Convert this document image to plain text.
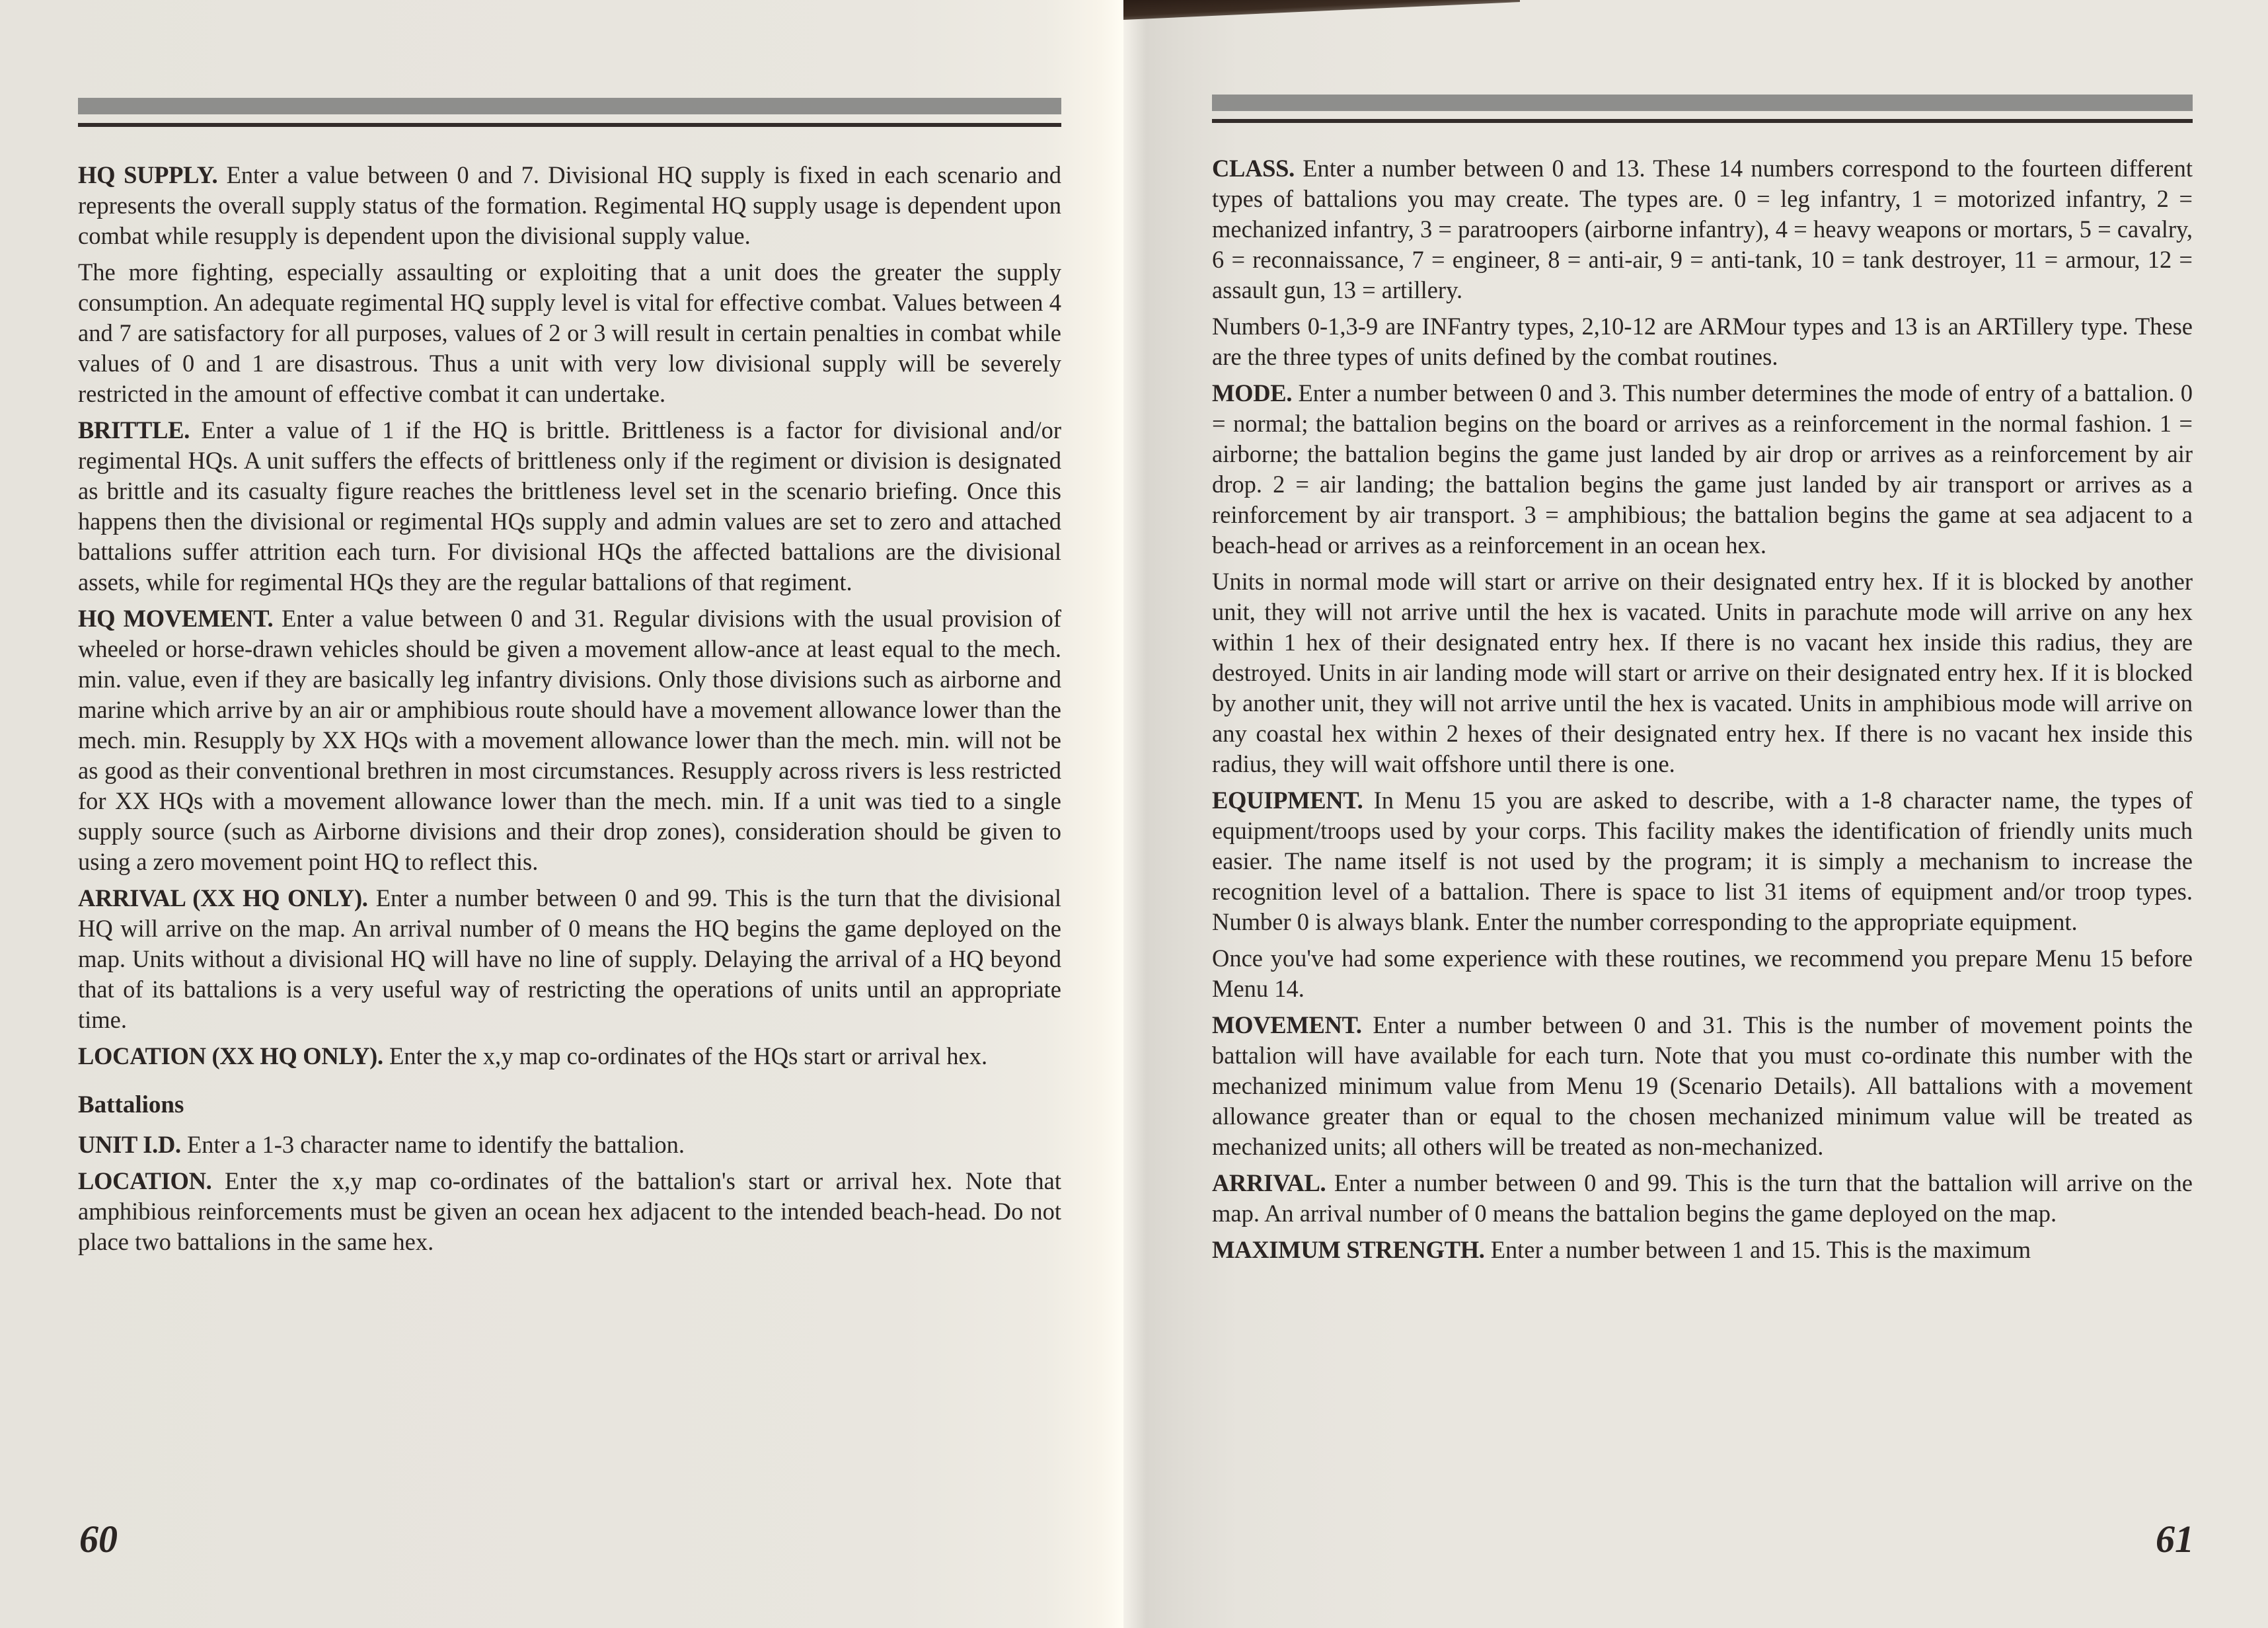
HQ SUPPLY. Enter a value between 0 and 7. Divisional HQ supply is fixed in each scenario and represents the overall supply status of the formation. Regimental HQ supply usage is dependent upon combat while resupply is dependent upon the divisional supply value.

The more fighting, especially assaulting or exploiting that a unit does the greater the supply consumption. An adequate regimental HQ supply level is vital for effective combat. Values between 4 and 7 are satisfactory for all purposes, values of 2 or 3 will result in certain penalties in combat while values of 0 and 1 are disastrous. Thus a unit with very low divisional supply will be severely restricted in the amount of effective combat it can undertake.

BRITTLE. Enter a value of 1 if the HQ is brittle. Brittleness is a factor for divisional and/or regimental HQs. A unit suffers the effects of brittleness only if the regiment or division is designated as brittle and its casualty figure reaches the brittleness level set in the scenario briefing. Once this happens then the divisional or regimental HQs supply and admin values are set to zero and attached battalions suffer attrition each turn. For divisional HQs the affected battalions are the divisional assets, while for regimental HQs they are the regular battalions of that regiment.

HQ MOVEMENT. Enter a value between 0 and 31. Regular divisions with the usual provision of wheeled or horse-drawn vehicles should be given a movement allow-ance at least equal to the mech. min. value, even if they are basically leg infantry divisions. Only those divisions such as airborne and marine which arrive by an air or amphibious route should have a movement allowance lower than the mech. min. Resupply by XX HQs with a movement allowance lower than the mech. min. will not be as good as their conventional brethren in most circumstances. Resupply across rivers is less restricted for XX HQs with a movement allowance lower than the mech. min. If a unit was tied to a single supply source (such as Airborne divisions and their drop zones), consideration should be given to using a zero movement point HQ to reflect this.

ARRIVAL (XX HQ ONLY). Enter a number between 0 and 99. This is the turn that the divisional HQ will arrive on the map. An arrival number of 0 means the HQ begins the game deployed on the map. Units without a divisional HQ will have no line of supply. Delaying the arrival of a HQ beyond that of its battalions is a very useful way of restricting the operations of units until an appropriate time.

LOCATION (XX HQ ONLY). Enter the x,y map co-ordinates of the HQs start or arrival hex.

Battalions

UNIT I.D. Enter a 1-3 character name to identify the battalion.

LOCATION. Enter the x,y map co-ordinates of the battalion's start or arrival hex. Note that amphibious reinforcements must be given an ocean hex adjacent to the intended beach-head. Do not place two battalions in the same hex.

CLASS. Enter a number between 0 and 13. These 14 numbers correspond to the fourteen different types of battalions you may create. The types are. 0 = leg infantry, 1 = motorized infantry, 2 = mechanized infantry, 3 = paratroopers (airborne infantry), 4 = heavy weapons or mortars, 5 = cavalry, 6 = reconnaissance, 7 = engineer, 8 = anti-air, 9 = anti-tank, 10 = tank destroyer, 11 = armour, 12 = assault gun, 13 = artillery.

Numbers 0-1,3-9 are INFantry types, 2,10-12 are ARMour types and 13 is an ARTillery type. These are the three types of units defined by the combat routines.

MODE. Enter a number between 0 and 3. This number determines the mode of entry of a battalion. 0 = normal; the battalion begins on the board or arrives as a reinforcement in the normal fashion. 1 = airborne; the battalion begins the game just landed by air drop or arrives as a reinforcement by air drop. 2 = air landing; the battalion begins the game just landed by air transport or arrives as a reinforcement by air transport. 3 = amphibious; the battalion begins the game at sea adjacent to a beach-head or arrives as a reinforcement in an ocean hex.

Units in normal mode will start or arrive on their designated entry hex. If it is blocked by another unit, they will not arrive until the hex is vacated. Units in parachute mode will arrive on any hex within 1 hex of their designated entry hex. If there is no vacant hex inside this radius, they are destroyed. Units in air landing mode will start or arrive on their designated entry hex. If it is blocked by another unit, they will not arrive until the hex is vacated. Units in amphibious mode will arrive on any coastal hex within 2 hexes of their designated entry hex. If there is no vacant hex inside this radius, they will wait offshore until there is one.

EQUIPMENT. In Menu 15 you are asked to describe, with a 1-8 character name, the types of equipment/troops used by your corps. This facility makes the identification of friendly units much easier. The name itself is not used by the program; it is simply a mechanism to increase the recognition level of a battalion. There is space to list 31 items of equipment and/or troop types. Number 0 is always blank. Enter the number corresponding to the appropriate equipment.

Once you've had some experience with these routines, we recommend you prepare Menu 15 before Menu 14.

MOVEMENT. Enter a number between 0 and 31. This is the number of movement points the battalion will have available for each turn. Note that you must co-ordinate this number with the mechanized minimum value from Menu 19 (Scenario Details). All battalions with a movement allowance greater than or equal to the chosen mechanized minimum value will be treated as mechanized units; all others will be treated as non-mechanized.

ARRIVAL. Enter a number between 0 and 99. This is the turn that the battalion will arrive on the map. An arrival number of 0 means the battalion begins the game deployed on the map.

MAXIMUM STRENGTH. Enter a number between 1 and 15. This is the maximum

60	61
